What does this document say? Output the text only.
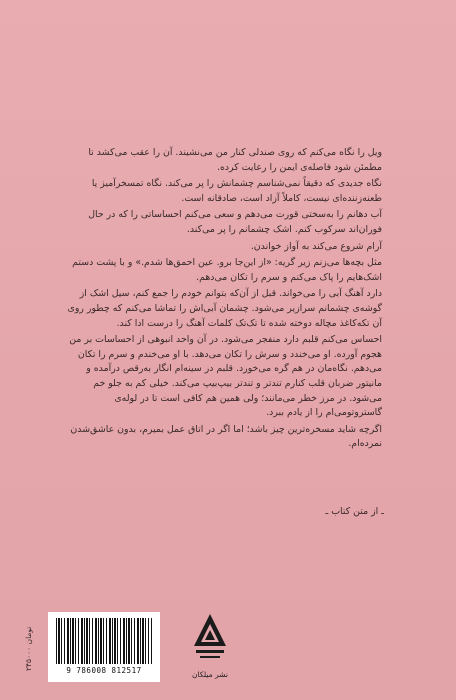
ویل را نگاه می‌کنم که روی صندلی کنار من می‌نشیند. آن را عقب می‌کشد تا مطمئن شود فاصله‌ی ایمن را رعایت کرده.

نگاه جدیدی که دقیقاً نمی‌شناسم چشمانش را پر می‌کند. نگاه تمسخرآمیز یا طعنه‌زننده‌ای نیست، کاملاً آزاد است، صادقانه است.

آب دهانم را به‌سختی قورت می‌دهم و سعی می‌کنم احساساتی را که در حال فوران‌اند سرکوب کنم. اشک چشمانم را پر می‌کند.

آرام شروع می‌کند به آواز خواندن.

مثل بچه‌ها می‌زنم زیر گریه: «از این‌جا برو. عین احمق‌ها شدم.» و با پشت دستم اشک‌هایم را پاک می‌کنم و سرم را تکان می‌دهم.

دارد آهنگ آبی را می‌خواند. قبل از آن‌که بتوانم خودم را جمع کنم، سیل اشک از گوشه‌ی چشمانم سرازیر می‌شود. چشمان آبی‌اش را تماشا می‌کنم که چطور روی آن تکه‌کاغذ مچاله دوخته شده تا تک‌تک کلمات آهنگ را درست ادا کند.

احساس می‌کنم قلبم دارد منفجر می‌شود. در آن واحد انبوهی از احساسات بر من هجوم آورده. او می‌خندد و سرش را تکان می‌دهد. با او می‌خندم و سرم را تکان می‌دهم. نگاه‌مان در هم گره می‌خورد. قلبم در سینه‌ام انگار به‌رقص درآمده و مانیتور ضربان قلب کنارم تندتر و تندتر بیپ‌بیپ می‌کند. خیلی کم به جلو خم می‌شود. در مرز خطر می‌مانند؛ ولی همین هم کافی است تا در لوله‌ی گاستروتومی‌ام را از یادم ببرد.

اگرچه شاید مسخره‌ترین چیز باشد؛ اما اگر در اتاق عمل بمیرم، بدون عاشق‌شدن نمرده‌ام.

ـ از متن کتاب ـ
۲۴۵۰۰۰ تومان
9 786008 812517	نشر میلکان
